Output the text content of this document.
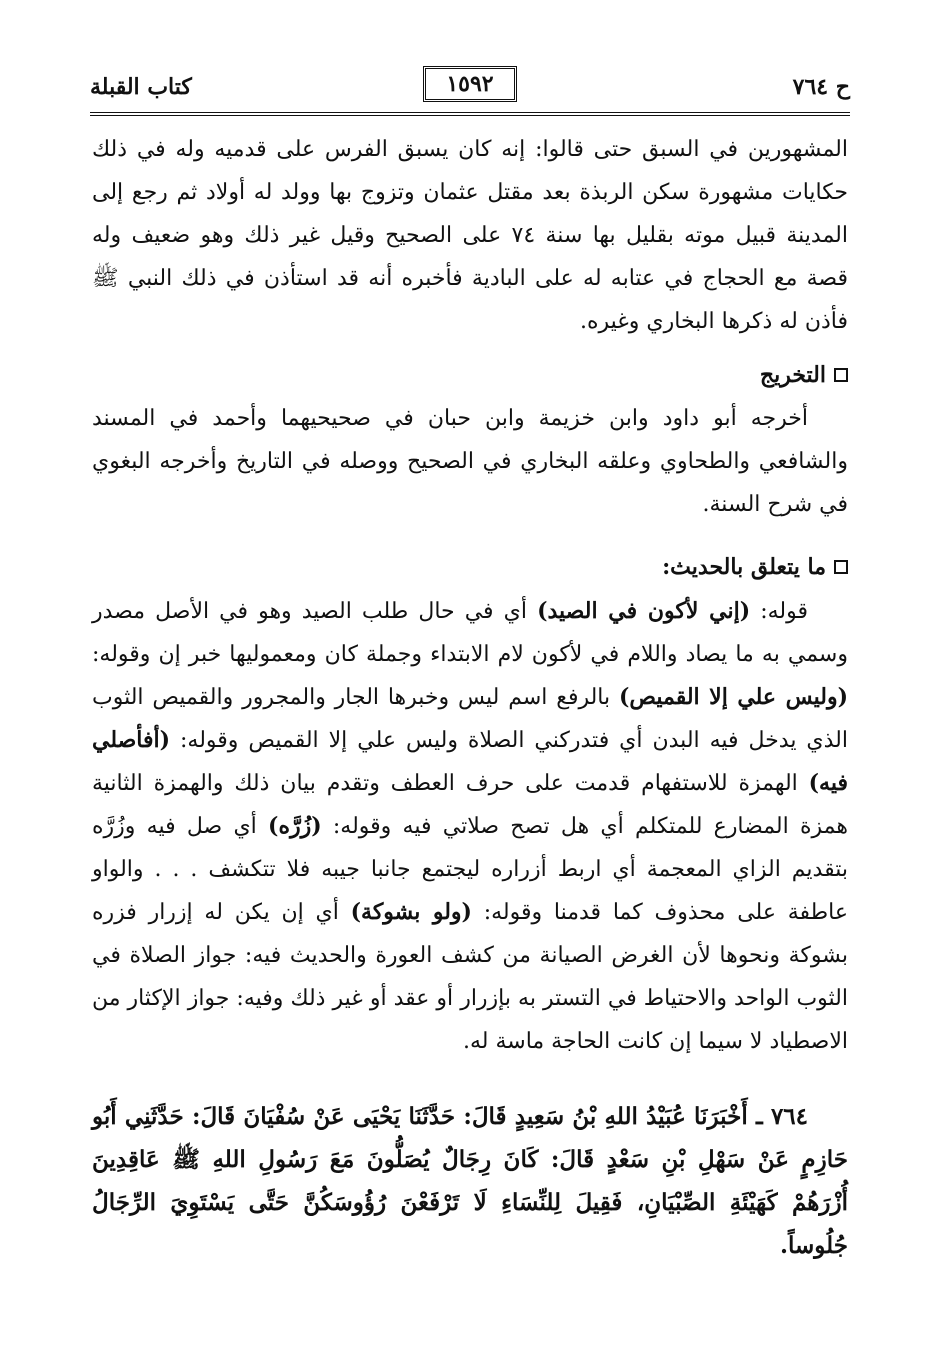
ح ٧٦٤
١٥٩٢
كتاب القبلة
المشهورين في السبق حتى قالوا: إنه كان يسبق الفرس على قدميه وله في ذلك حكايات مشهورة سكن الربذة بعد مقتل عثمان وتزوج بها وولد له أولاد ثم رجع إلى المدينة قبيل موته بقليل بها سنة ٧٤ على الصحيح وقيل غير ذلك وهو ضعيف وله قصة مع الحجاج في عتابه له على البادية فأخبره أنه قد استأذن في ذلك النبي ﷺ فأذن له ذكرها البخاري وغيره.
التخريج
أخرجه أبو داود وابن خزيمة وابن حبان في صحيحيهما وأحمد في المسند والشافعي والطحاوي وعلقه البخاري في الصحيح ووصله في التاريخ وأخرجه البغوي في شرح السنة.
ما يتعلق بالحديث:
قوله: (إني لأكون في الصيد) أي في حال طلب الصيد وهو في الأصل مصدر وسمي به ما يصاد واللام في لأكون لام الابتداء وجملة كان ومعموليها خبر إن وقوله: (وليس علي إلا القميص) بالرفع اسم ليس وخبرها الجار والمجرور والقميص الثوب الذي يدخل فيه البدن أي فتدركني الصلاة وليس علي إلا القميص وقوله: (أفأصلي فيه) الهمزة للاستفهام قدمت على حرف العطف وتقدم بيان ذلك والهمزة الثانية همزة المضارع للمتكلم أي هل تصح صلاتي فيه وقوله: (زُرَّه) أي صل فيه وزُرَّه بتقديم الزاي المعجمة أي اربط أزراره ليجتمع جانبا جيبه فلا تتكشف . . . والواو عاطفة على محذوف كما قدمنا وقوله: (ولو بشوكة) أي إن يكن له إزرار فزره بشوكة ونحوها لأن الغرض الصيانة من كشف العورة والحديث فيه: جواز الصلاة في الثوب الواحد والاحتياط في التستر به بإزرار أو عقد أو غير ذلك وفيه: جواز الإكثار من الاصطياد لا سيما إن كانت الحاجة ماسة له.
٧٦٤ ـ أَخْبَرَنَا عُبَيْدُ اللهِ بْنُ سَعِيدٍ قَالَ: حَدَّثَنَا يَحْيَى عَنْ سُفْيَانَ قَالَ: حَدَّثَنِي أَبُو حَازِمٍ عَنْ سَهْلِ بْنِ سَعْدٍ قَالَ: كَانَ رِجَالٌ يُصَلُّونَ مَعَ رَسُولِ اللهِ ﷺ عَاقِدِينَ أُزْرَهُمْ كَهَيْئَةِ الصِّبْيَانِ، فَقِيلَ لِلنِّسَاءِ لَا تَرْفَعْنَ رُؤُوسَكُنَّ حَتَّى يَسْتَوِيَ الرِّجَالُ جُلُوساً.
